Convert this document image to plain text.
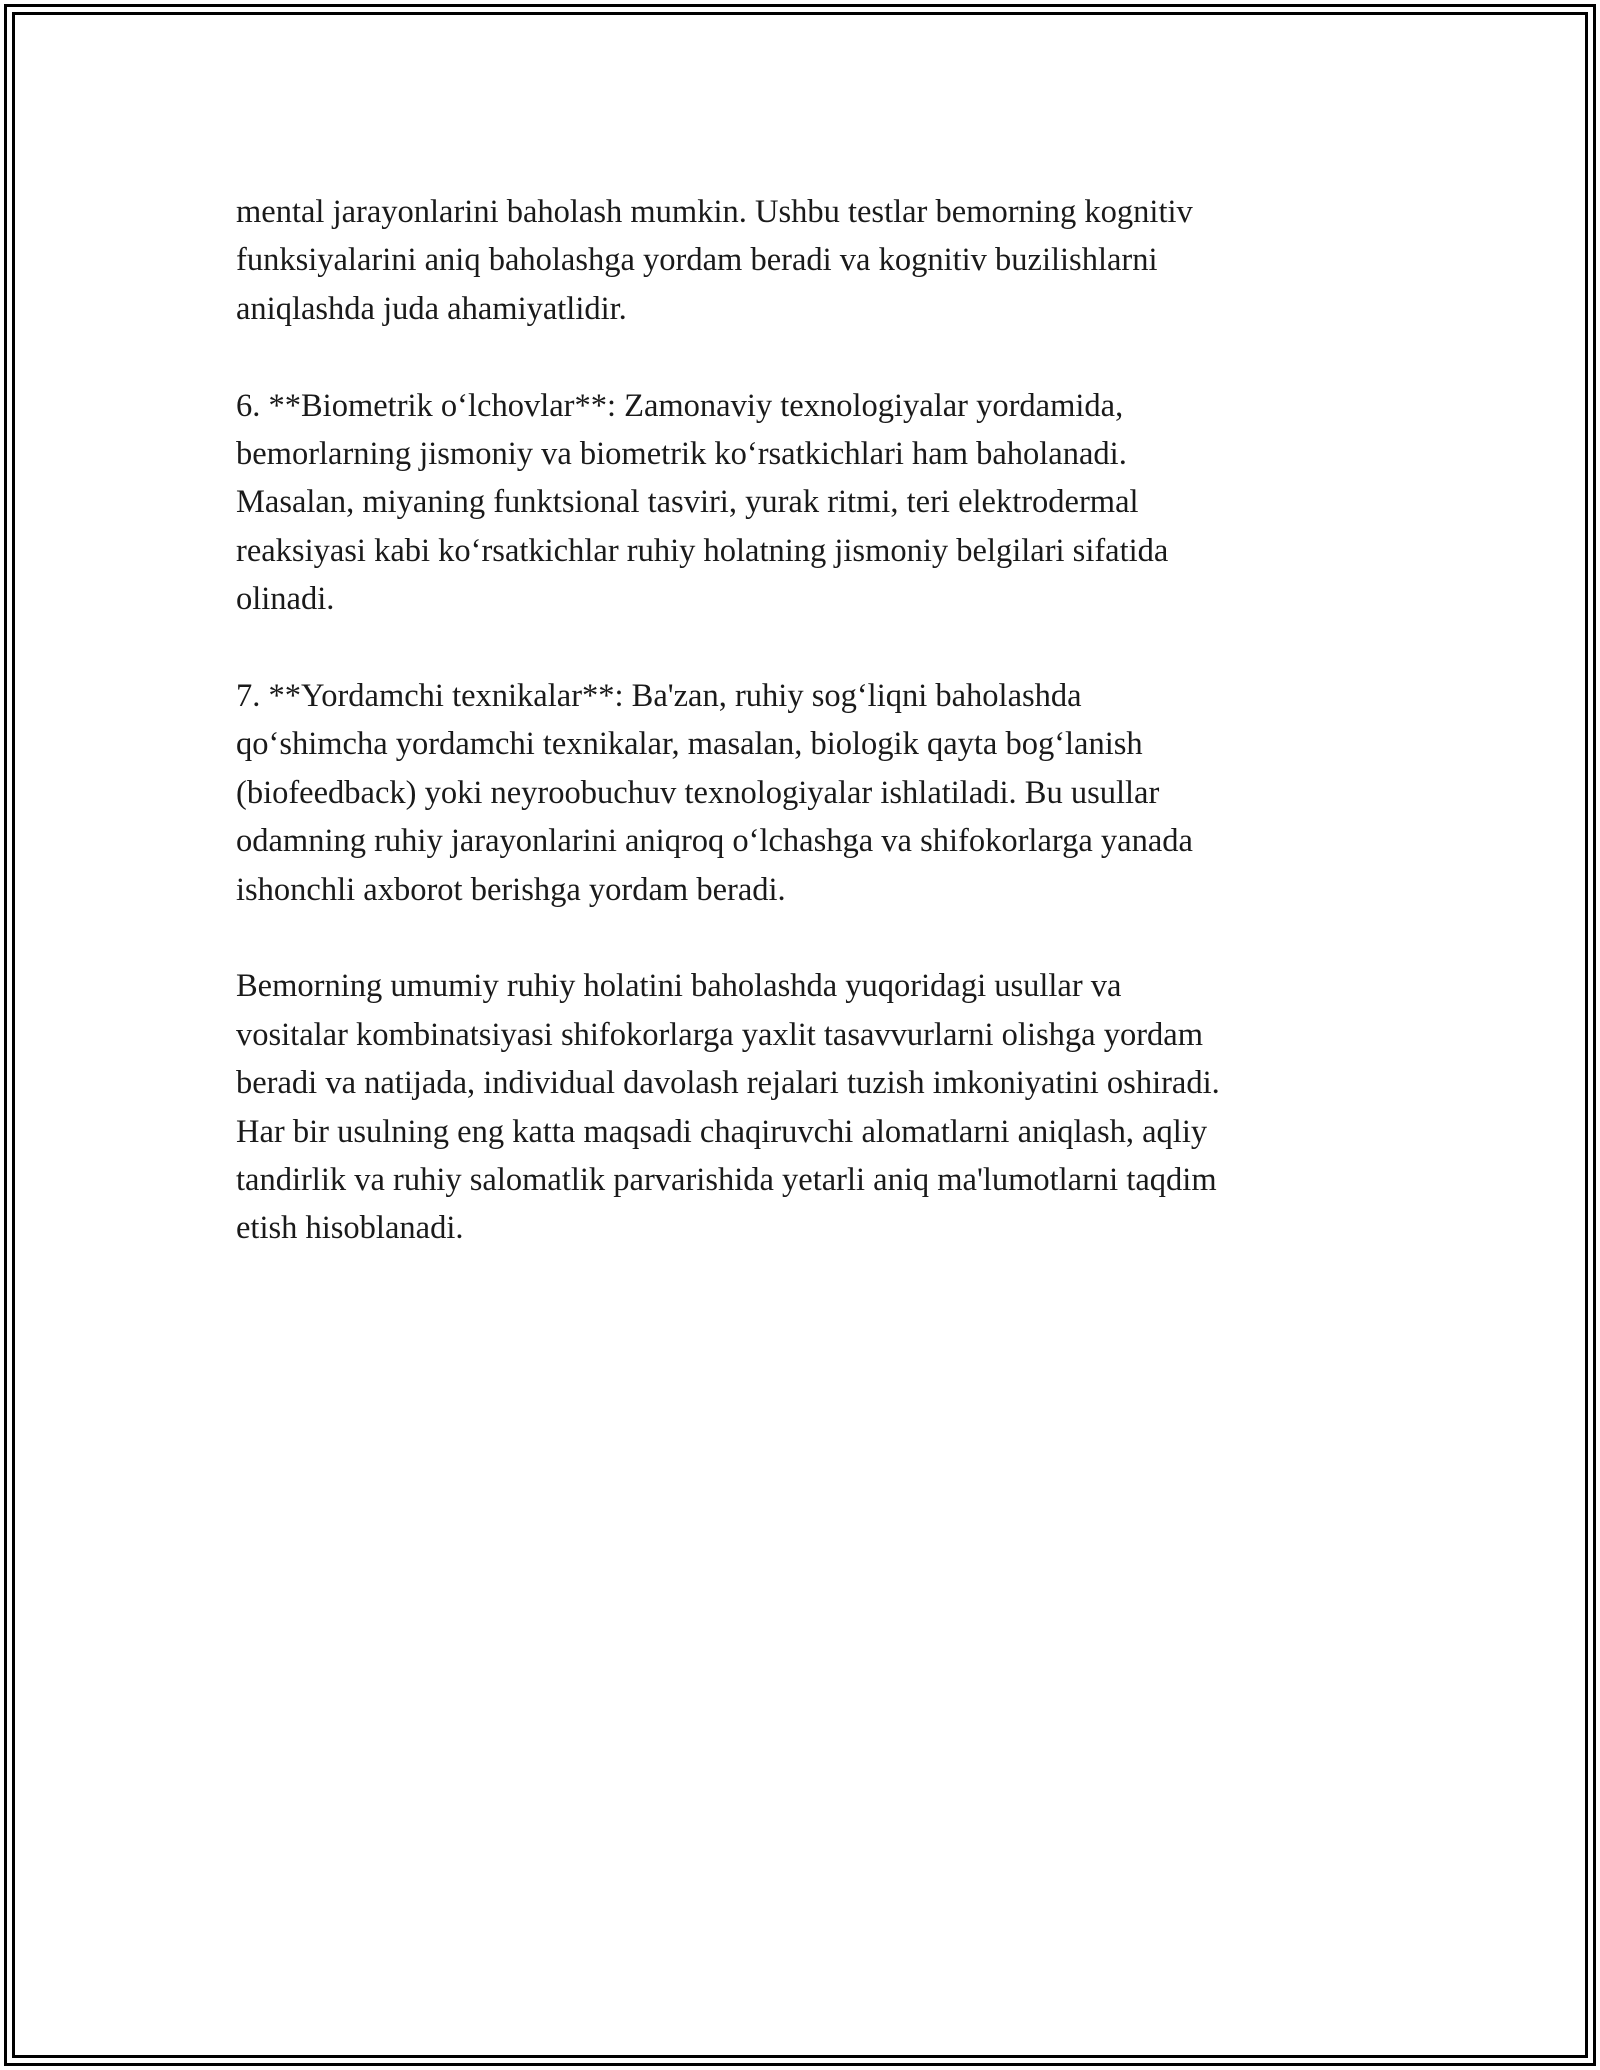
mental jarayonlarini baholash mumkin. Ushbu testlar bemorning kognitiv
funksiyalarini aniq baholashga yordam beradi va kognitiv buzilishlarni
aniqlashda juda ahamiyatlidir.

6. **Biometrik o‘lchovlar**: Zamonaviy texnologiyalar yordamida,
bemorlarning jismoniy va biometrik ko‘rsatkichlari ham baholanadi.
Masalan, miyaning funktsional tasviri, yurak ritmi, teri elektrodermal
reaksiyasi kabi ko‘rsatkichlar ruhiy holatning jismoniy belgilari sifatida
olinadi.

7. **Yordamchi texnikalar**: Ba'zan, ruhiy sog‘liqni baholashda
qo‘shimcha yordamchi texnikalar, masalan, biologik qayta bog‘lanish
(biofeedback) yoki neyroobuchuv texnologiyalar ishlatiladi. Bu usullar
odamning ruhiy jarayonlarini aniqroq o‘lchashga va shifokorlarga yanada
ishonchli axborot berishga yordam beradi.

Bemorning umumiy ruhiy holatini baholashda yuqoridagi usullar va
vositalar kombinatsiyasi shifokorlarga yaxlit tasavvurlarni olishga yordam
beradi va natijada, individual davolash rejalari tuzish imkoniyatini oshiradi.
Har bir usulning eng katta maqsadi chaqiruvchi alomatlarni aniqlash, aqliy
tandirlik va ruhiy salomatlik parvarishida yetarli aniq ma'lumotlarni taqdim
etish hisoblanadi.
